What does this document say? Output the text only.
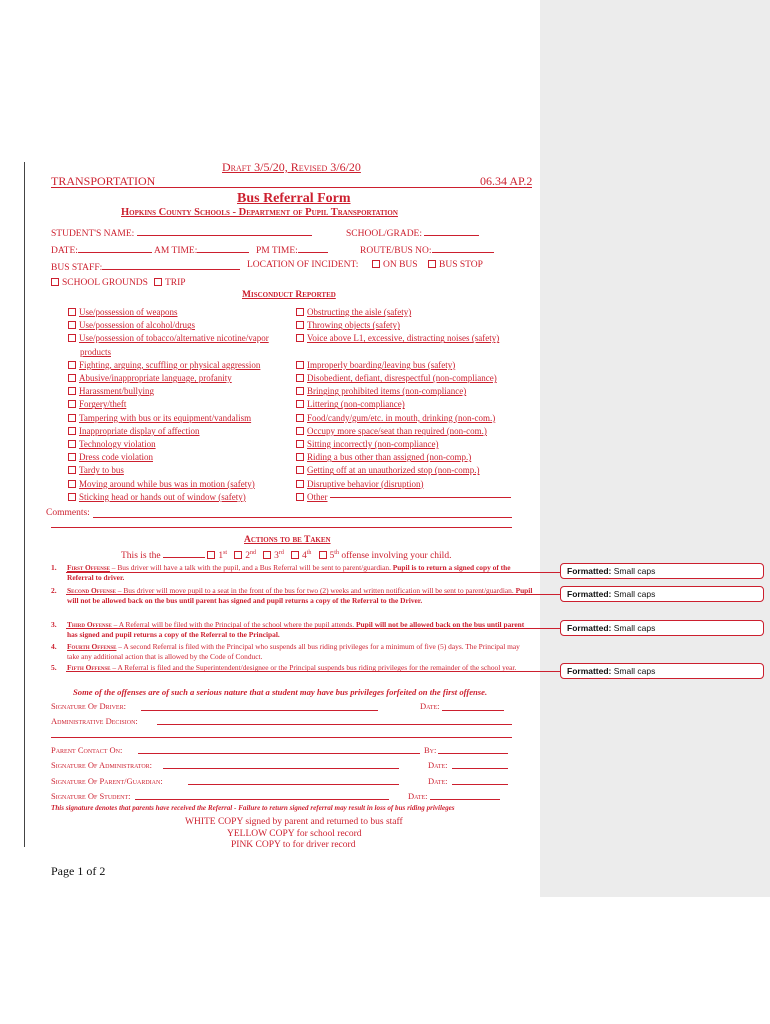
Draft 3/5/20, Revised 3/6/20
TRANSPORTATION	06.34 AP.2
Bus Referral Form
Hopkins County Schools - Department of Pupil Transportation
STUDENT'S NAME:	SCHOOL/GRADE:
DATE:	AM TIME:	PM TIME:	ROUTE/BUS NO:
BUS STAFF:	LOCATION OF INCIDENT:	ON BUS	BUS STOP
SCHOOL GROUNDS	TRIP
Misconduct Reported
Use/possession of weapons
Use/possession of alcohol/drugs
Use/possession of tobacco/alternative nicotine/vapor
products
Fighting, arguing, scuffling or physical aggression
Abusive/inappropriate language, profanity
Harassment/bullying
Forgery/theft
Tampering with bus or its equipment/vandalism
Inappropriate display of affection
Technology violation
Dress code violation
Tardy to bus
Moving around while bus was in motion (safety)
Sticking head or hands out of window (safety)
Obstructing the aisle (safety)
Throwing objects (safety)
Voice above L1, excessive, distracting noises (safety)
Improperly boarding/leaving bus (safety)
Disobedient, defiant, disrespectful (non-compliance)
Bringing prohibited items (non-compliance)
Littering (non-compliance)
Food/candy/gum/etc. in mouth, drinking (non-com.)
Occupy more space/seat than required (non-com.)
Sitting incorrectly (non-compliance)
Riding a bus other than assigned (non-comp.)
Getting off at an unauthorized stop (non-comp.)
Disruptive behavior (disruption)
Other
Comments:
Actions to be Taken
This is the	1st 2nd 3rd 4th 5th offense involving your child.
1. First Offense – Bus driver will have a talk with the pupil, and a Bus Referral will be sent to parent/guardian. Pupil is to return a signed copy of the Referral to driver.
2. Second Offense – Bus driver will move pupil to a seat in the front of the bus for two (2) weeks and written notification will be sent to parent/guardian. Pupil will not be allowed back on the bus until parent has signed and pupil returns a copy of the Referral to the Driver.
3. Third Offense – A Referral will be filed with the Principal of the school where the pupil attends. Pupil will not be allowed back on the bus until parent has signed and pupil returns a copy of the Referral to the Principal.
4. Fourth Offense – A second Referral is filed with the Principal who suspends all bus riding privileges for a minimum of five (5) days. The Principal may take any additional action that is allowed by the Code of Conduct.
5. Fifth Offense – A Referral is filed and the Superintendent/designee or the Principal suspends bus riding privileges for the remainder of the school year.
Some of the offenses are of such a serious nature that a student may have bus privileges forfeited on the first offense.
Signature Of Driver:	Date:
Administrative Decision:
Parent Contact On:	By:
Signature Of Administrator:	Date:
Signature Of Parent/Guardian:	Date:
Signature Of Student:	Date:
This signature denotes that parents have received the Referral - Failure to return signed referral may result in loss of bus riding privileges
WHITE COPY signed by parent and returned to bus staff
YELLOW COPY for school record
PINK COPY to for driver record
Page 1 of 2
Formatted: Small caps
Formatted: Small caps
Formatted: Small caps
Formatted: Small caps
